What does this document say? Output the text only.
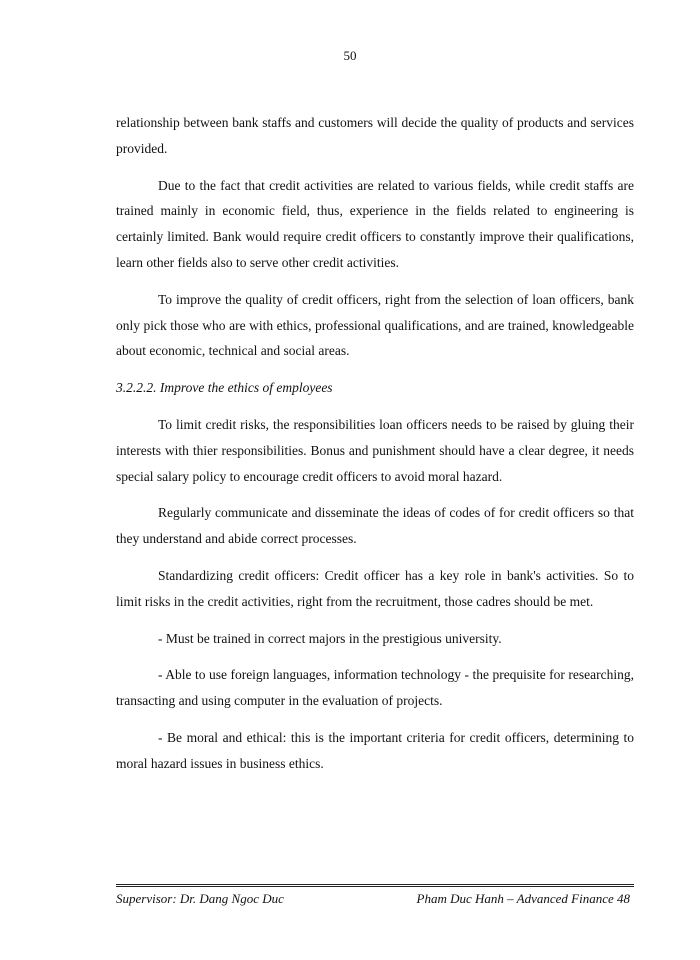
50

relationship between bank staffs and customers will decide the quality of products and services provided.

Due to the fact that credit activities are related to various fields, while credit staffs are trained mainly in economic field, thus, experience in the fields related to engineering is certainly limited. Bank would require credit officers to constantly improve their qualifications, learn other fields also to serve other credit activities.

To improve the quality of credit officers, right from the selection of loan officers, bank only pick those who are with ethics, professional qualifications, and are trained, knowledgeable about economic, technical and social areas.

3.2.2.2. Improve the ethics of employees

To limit credit risks, the responsibilities loan officers needs to be raised by gluing their interests with thier responsibilities. Bonus and punishment should have a clear degree, it needs special salary policy to encourage credit officers to avoid moral hazard.

Regularly communicate and disseminate the ideas of codes of for credit officers so that they understand and abide correct processes.

Standardizing credit officers: Credit officer has a key role in bank's activities. So to limit risks in the credit activities, right from the recruitment, those cadres should be met.

- Must be trained in correct majors in the prestigious university.

- Able to use foreign languages, information technology - the prequisite for researching, transacting and using computer in the evaluation of projects.

- Be moral and ethical: this is the important criteria for credit officers, determining to moral hazard issues in business ethics.

Supervisor: Dr. Dang Ngoc Duc	Pham Duc Hanh – Advanced Finance 48
